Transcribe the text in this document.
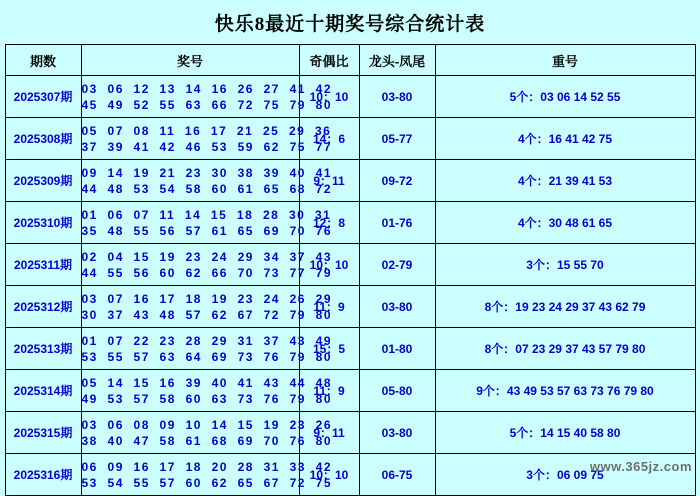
快乐8最近十期奖号综合统计表
期数	奖号	奇偶比	龙头-凤尾	重号
2025307期	03  06  12  13  14  16  26  27  41  42
45  49  52  55  63  66  72  75  79  80	10：10	03-80	5个：03 06 14 52 55
2025308期	05  07  08  11  16  17  21  25  29  36
37  39  41  42  46  53  59  62  75  77	14：6	05-77	4个：16 41 42 75
2025309期	09  14  19  21  23  30  38  39  40  41
44  48  53  54  58  60  61  65  68  72	9：11	09-72	4个：21 39 41 53
2025310期	01  06  07  11  14  15  18  28  30  31
35  48  55  56  57  61  65  69  70  76	12：8	01-76	4个：30 48 61 65
2025311期	02  04  15  19  23  24  29  34  37  43
44  55  56  60  62  66  70  73  77  79	10：10	02-79	3个：15 55 70
2025312期	03  07  16  17  18  19  23  24  26  29
30  37  43  48  57  62  67  72  79  80	11：9	03-80	8个：19 23 24 29 37 43 62 79
2025313期	01  07  22  23  28  29  31  37  43  49
53  55  57  63  64  69  73  76  79  80	15：5	01-80	8个：07 23 29 37 43 57 79 80
2025314期	05  14  15  16  39  40  41  43  44  48
49  53  57  58  60  63  73  76  79  80	11：9	05-80	9个：43 49 53 57 63 73 76 79 80
2025315期	03  06  08  09  10  14  15  19  23  26
38  40  47  58  61  68  69  70  76  80	9：11	03-80	5个：14 15 40 58 80
2025316期	06  09  16  17  18  20  28  31  33  42
53  54  55  57  60  62  65  67  72  75	10：10	06-75	3个：06 09 75
www.365jz.com
